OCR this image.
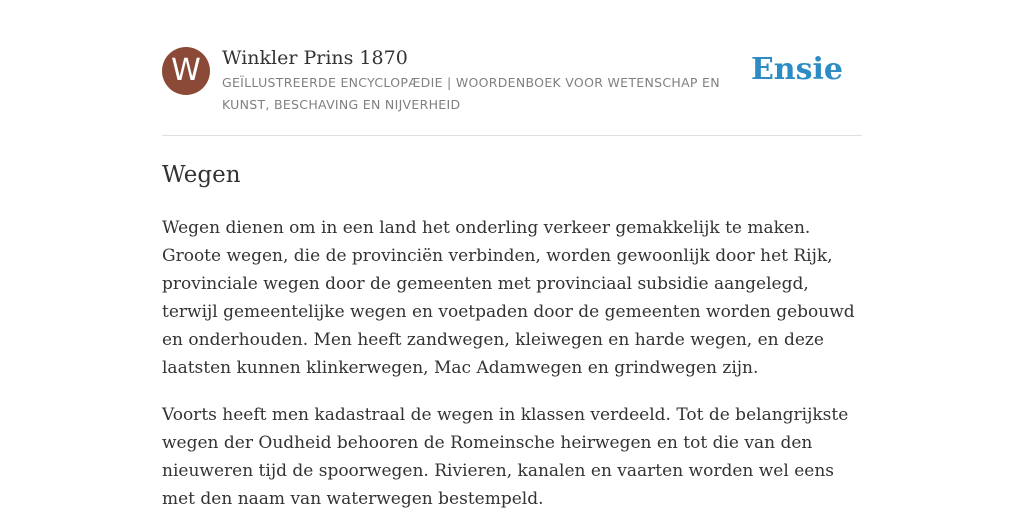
W	Winkler Prins 1870
GEÏLLUSTREERDE ENCYCLOPÆDIE | WOORDENBOEK VOOR WETENSCHAP EN KUNST, BESCHAVING EN NIJVERHEID
Ensie
Wegen

Wegen dienen om in een land het onderling verkeer gemakkelijk te maken. Groote wegen, die de provinciën verbinden, worden gewoonlijk door het Rijk, provinciale wegen door de gemeenten met provinciaal subsidie aangelegd, terwijl gemeentelijke wegen en voetpaden door de gemeenten worden gebouwd en onderhouden. Men heeft zandwegen, kleiwegen en harde wegen, en deze laatsten kunnen klinkerwegen, Mac Adamwegen en grindwegen zijn.

Voorts heeft men kadastraal de wegen in klassen verdeeld. Tot de belangrijkste wegen der Oudheid behooren de Romeinsche heirwegen en tot die van den nieuweren tijd de spoorwegen. Rivieren, kanalen en vaarten worden wel eens met den naam van waterwegen bestempeld.
